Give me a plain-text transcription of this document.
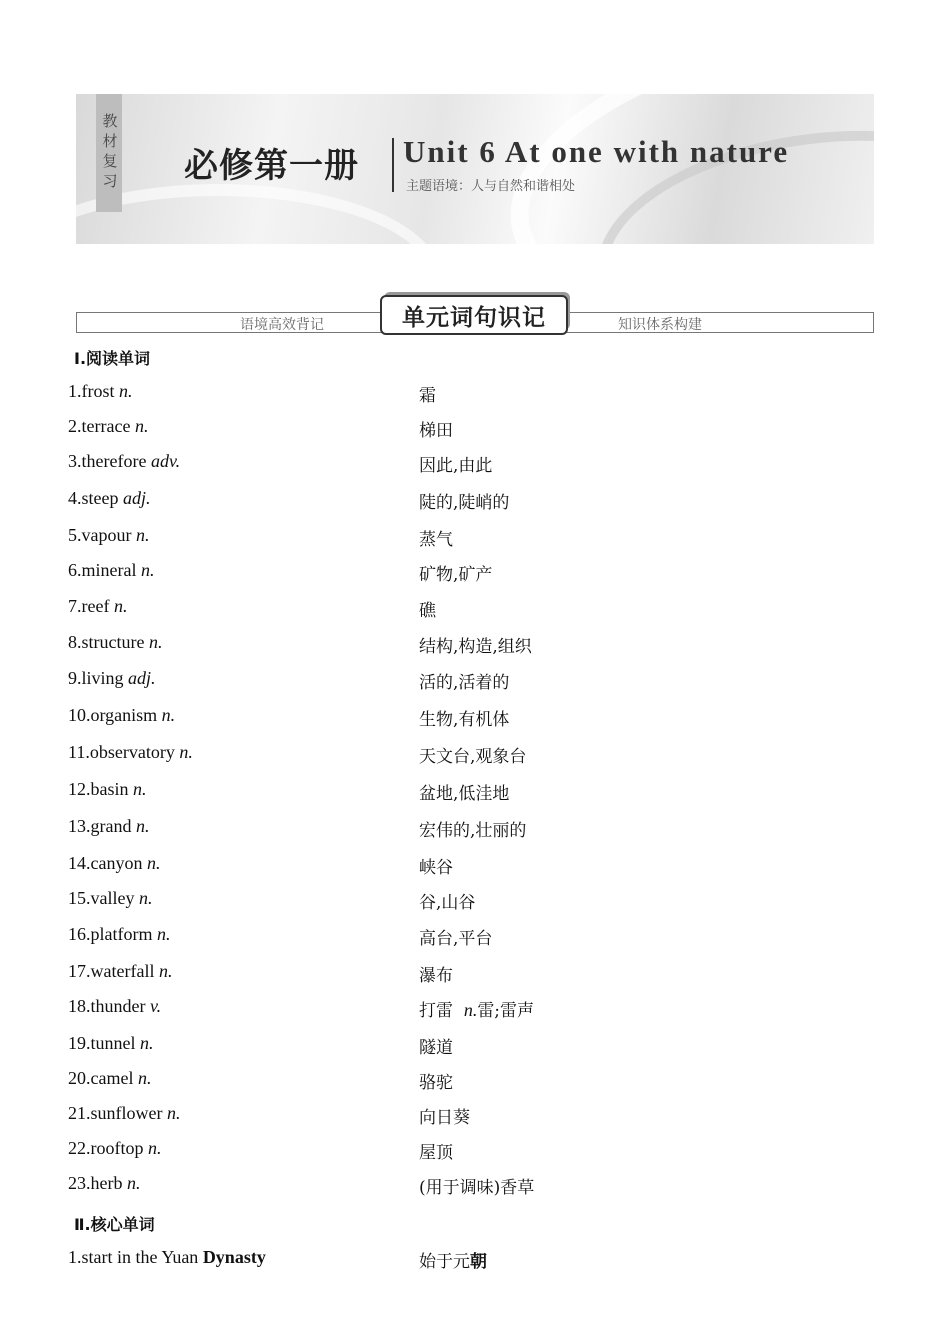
教材复习 必修第一册 Unit 6 At one with nature
主题语境：人与自然和谐相处
语境高效背记	知识体系构建
单元词句识记
Ⅰ.阅读单词
1.frost n.	霜
2.terrace n.	梯田
3.therefore adv.	因此,由此
4.steep adj.	陡的,陡峭的
5.vapour n.	蒸气
6.mineral n.	矿物,矿产
7.reef n.	礁
8.structure n.	结构,构造,组织
9.living adj.	活的,活着的
10.organism n.	生物,有机体
11.observatory n.	天文台,观象台
12.basin n.	盆地,低洼地
13.grand n.	宏伟的,壮丽的
14.canyon n.	峡谷
15.valley n.	谷,山谷
16.platform n.	高台,平台
17.waterfall n.	瀑布
18.thunder v.	打雷  n.雷;雷声
19.tunnel n.	隧道
20.camel n.	骆驼
21.sunflower n.	向日葵
22.rooftop n.	屋顶
23.herb n.	(用于调味)香草
Ⅱ.核心单词
1.start in the Yuan Dynasty	始于元朝
